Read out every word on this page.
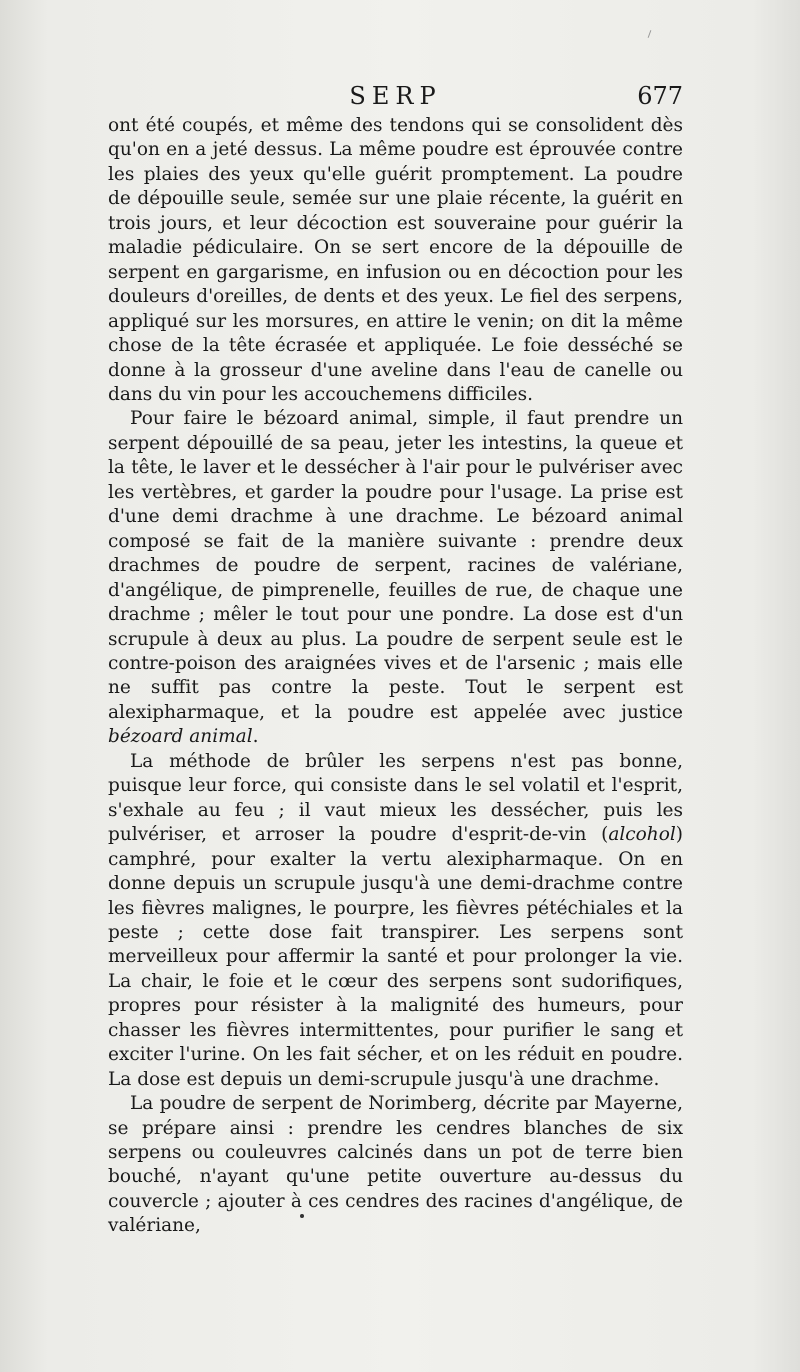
SERP	677

ont été coupés, et même des tendons qui se consolident dès qu'on en a jeté dessus. La même poudre est éprouvée contre les plaies des yeux qu'elle guérit promptement. La poudre de dépouille seule, semée sur une plaie récente, la guérit en trois jours, et leur décoction est souveraine pour guérir la maladie pédiculaire. On se sert encore de la dépouille de serpent en gargarisme, en infusion ou en décoction pour les douleurs d'oreilles, de dents et des yeux. Le fiel des serpens, appliqué sur les morsures, en attire le venin; on dit la même chose de la tête écrasée et appliquée. Le foie desséché se donne à la grosseur d'une aveline dans l'eau de canelle ou dans du vin pour les accouchemens difficiles.

Pour faire le bézoard animal, simple, il faut prendre un serpent dépouillé de sa peau, jeter les intestins, la queue et la tête, le laver et le dessécher à l'air pour le pulvériser avec les vertèbres, et garder la poudre pour l'usage. La prise est d'une demi drachme à une drachme. Le bézoard animal composé se fait de la manière suivante : prendre deux drachmes de poudre de serpent, racines de valériane, d'angélique, de pimprenelle, feuilles de rue, de chaque une drachme ; mêler le tout pour une pondre. La dose est d'un scrupule à deux au plus. La poudre de serpent seule est le contre-poison des araignées vives et de l'arsenic ; mais elle ne suffit pas contre la peste. Tout le serpent est alexipharmaque, et la poudre est appelée avec justice bézoard animal.

La méthode de brûler les serpens n'est pas bonne, puisque leur force, qui consiste dans le sel volatil et l'esprit, s'exhale au feu ; il vaut mieux les dessécher, puis les pulvériser, et arroser la poudre d'esprit-de-vin (alcohol) camphré, pour exalter la vertu alexipharmaque. On en donne depuis un scrupule jusqu'à une demi-drachme contre les fièvres malignes, le pourpre, les fièvres pétéchiales et la peste ; cette dose fait transpirer. Les serpens sont merveilleux pour affermir la santé et pour prolonger la vie. La chair, le foie et le cœur des serpens sont sudorifiques, propres pour résister à la malignité des humeurs, pour chasser les fièvres intermittentes, pour purifier le sang et exciter l'urine. On les fait sécher, et on les réduit en poudre. La dose est depuis un demi-scrupule jusqu'à une drachme.

La poudre de serpent de Norimberg, décrite par Mayerne, se prépare ainsi : prendre les cendres blanches de six serpens ou couleuvres calcinés dans un pot de terre bien bouché, n'ayant qu'une petite ouverture au-dessus du couvercle ; ajouter à ces cendres des racines d'angélique, de valériane,
